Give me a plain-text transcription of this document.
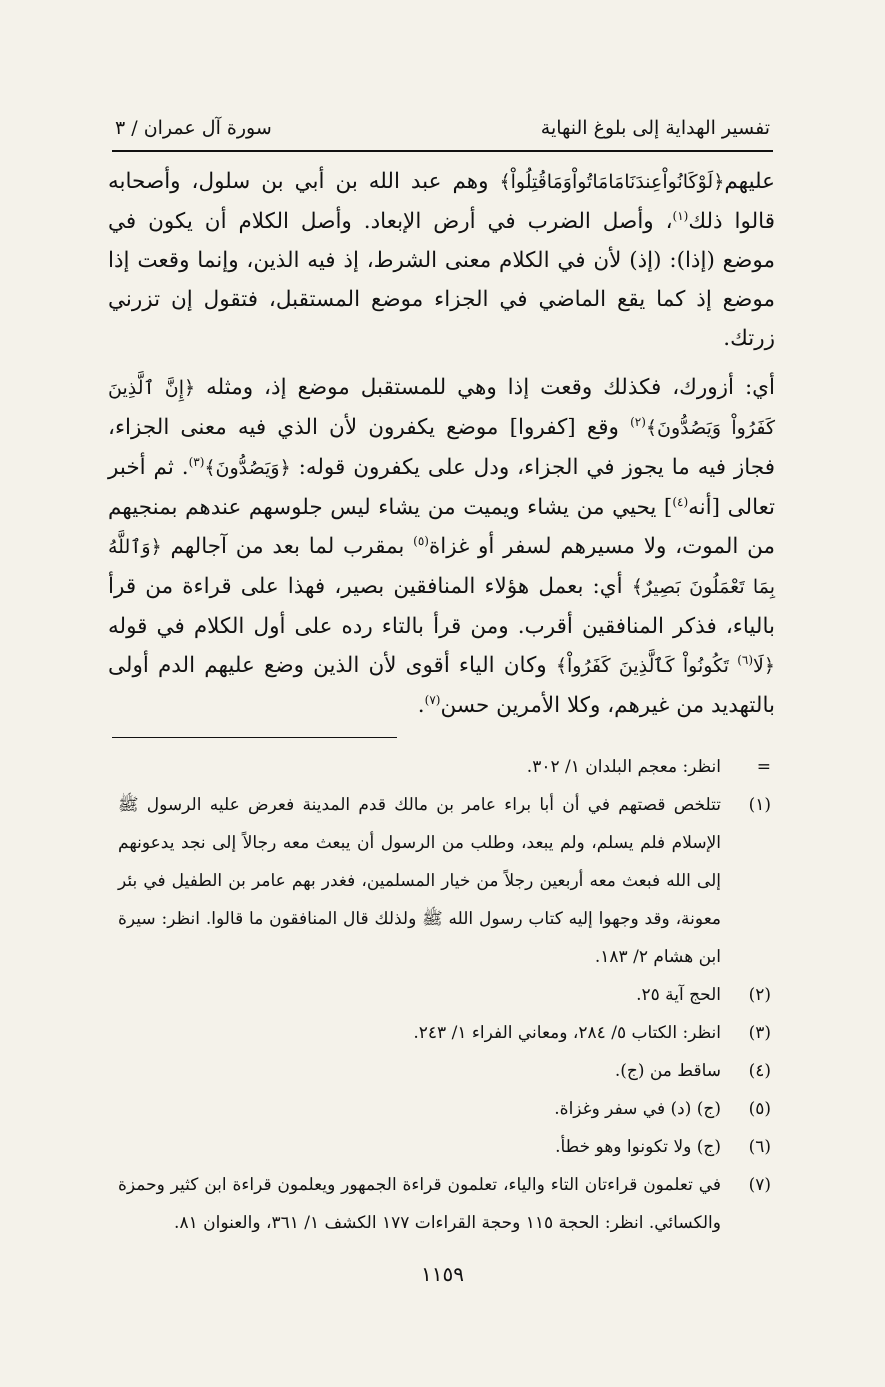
تفسير الهداية إلى بلوغ النهاية
سورة آل عمران / ٣

عليهم﴿لَوْكَانُواْعِندَنَامَامَاتُواْوَمَاقُتِلُواْ﴾ وهم عبد الله بن أبي بن سلول، وأصحابه قالوا ذلك$^{(١)}$، وأصل الضرب في أرض الإبعاد. وأصل الكلام أن يكون في موضع (إذا): (إذ) لأن في الكلام معنى الشرط، إذ فيه الذين، وإنما وقعت إذا موضع إذ كما يقع الماضي في الجزاء موضع المستقبل، فتقول إن تزرني زرتك.

أي: أزورك، فكذلك وقعت إذا وهي للمستقبل موضع إذ، ومثله ﴿إِنَّ ٱلَّذِينَ كَفَرُواْ وَيَصُدُّونَ﴾$^{(٢)}$ وقع [كفروا] موضع يكفرون لأن الذي فيه معنى الجزاء، فجاز فيه ما يجوز في الجزاء، ودل على يكفرون قوله: ﴿وَيَصُدُّونَ﴾$^{(٣)}$. ثم أخبر تعالى [أنه$^{(٤)}$] يحيي من يشاء ويميت من يشاء ليس جلوسهم عندهم بمنجيهم من الموت، ولا مسيرهم لسفر أو غزاة$^{(٥)}$ بمقرب لما بعد من آجالهم ﴿وَٱللَّهُ بِمَا تَعْمَلُونَ بَصِيرٌ﴾ أي: بعمل هؤلاء المنافقين بصير، فهذا على قراءة من قرأ بالياء، فذكر المنافقين أقرب. ومن قرأ بالتاء رده على أول الكلام في قوله ﴿لَا$^{(٦)}$ تَكُونُواْ كَٱلَّذِينَ كَفَرُواْ﴾ وكان الياء أقوى لأن الذين وضع عليهم الدم أولى بالتهديد من غيرهم، وكلا الأمرين حسن$^{(٧)}$.

=
انظر: معجم البلدان ١/ ٣٠٢.
(١)
تتلخص قصتهم في أن أبا براء عامر بن مالك قدم المدينة فعرض عليه الرسول ﷺ الإسلام فلم يسلم، ولم يبعد، وطلب من الرسول أن يبعث معه رجالاً إلى نجد يدعونهم إلى الله فبعث معه أربعين رجلاً من خيار المسلمين، فغدر بهم عامر بن الطفيل في بئر معونة، وقد وجهوا إليه كتاب رسول الله ﷺ ولذلك قال المنافقون ما قالوا. انظر: سيرة ابن هشام ٢/ ١٨٣.
(٢)
الحج آية ٢٥.
(٣)
انظر: الكتاب ٥/ ٢٨٤، ومعاني الفراء ١/ ٢٤٣.
(٤)
ساقط من (ج).
(٥)
(ج) (د) في سفر وغزاة.
(٦)
(ج) ولا تكونوا وهو خطأ.
(٧)
في تعلمون قراءتان التاء والياء، تعلمون قراءة الجمهور ويعلمون قراءة ابن كثير وحمزة والكسائي. انظر: الحجة ١١٥ وحجة القراءات ١٧٧ الكشف ١/ ٣٦١، والعنوان ٨١.
١١٥٩
